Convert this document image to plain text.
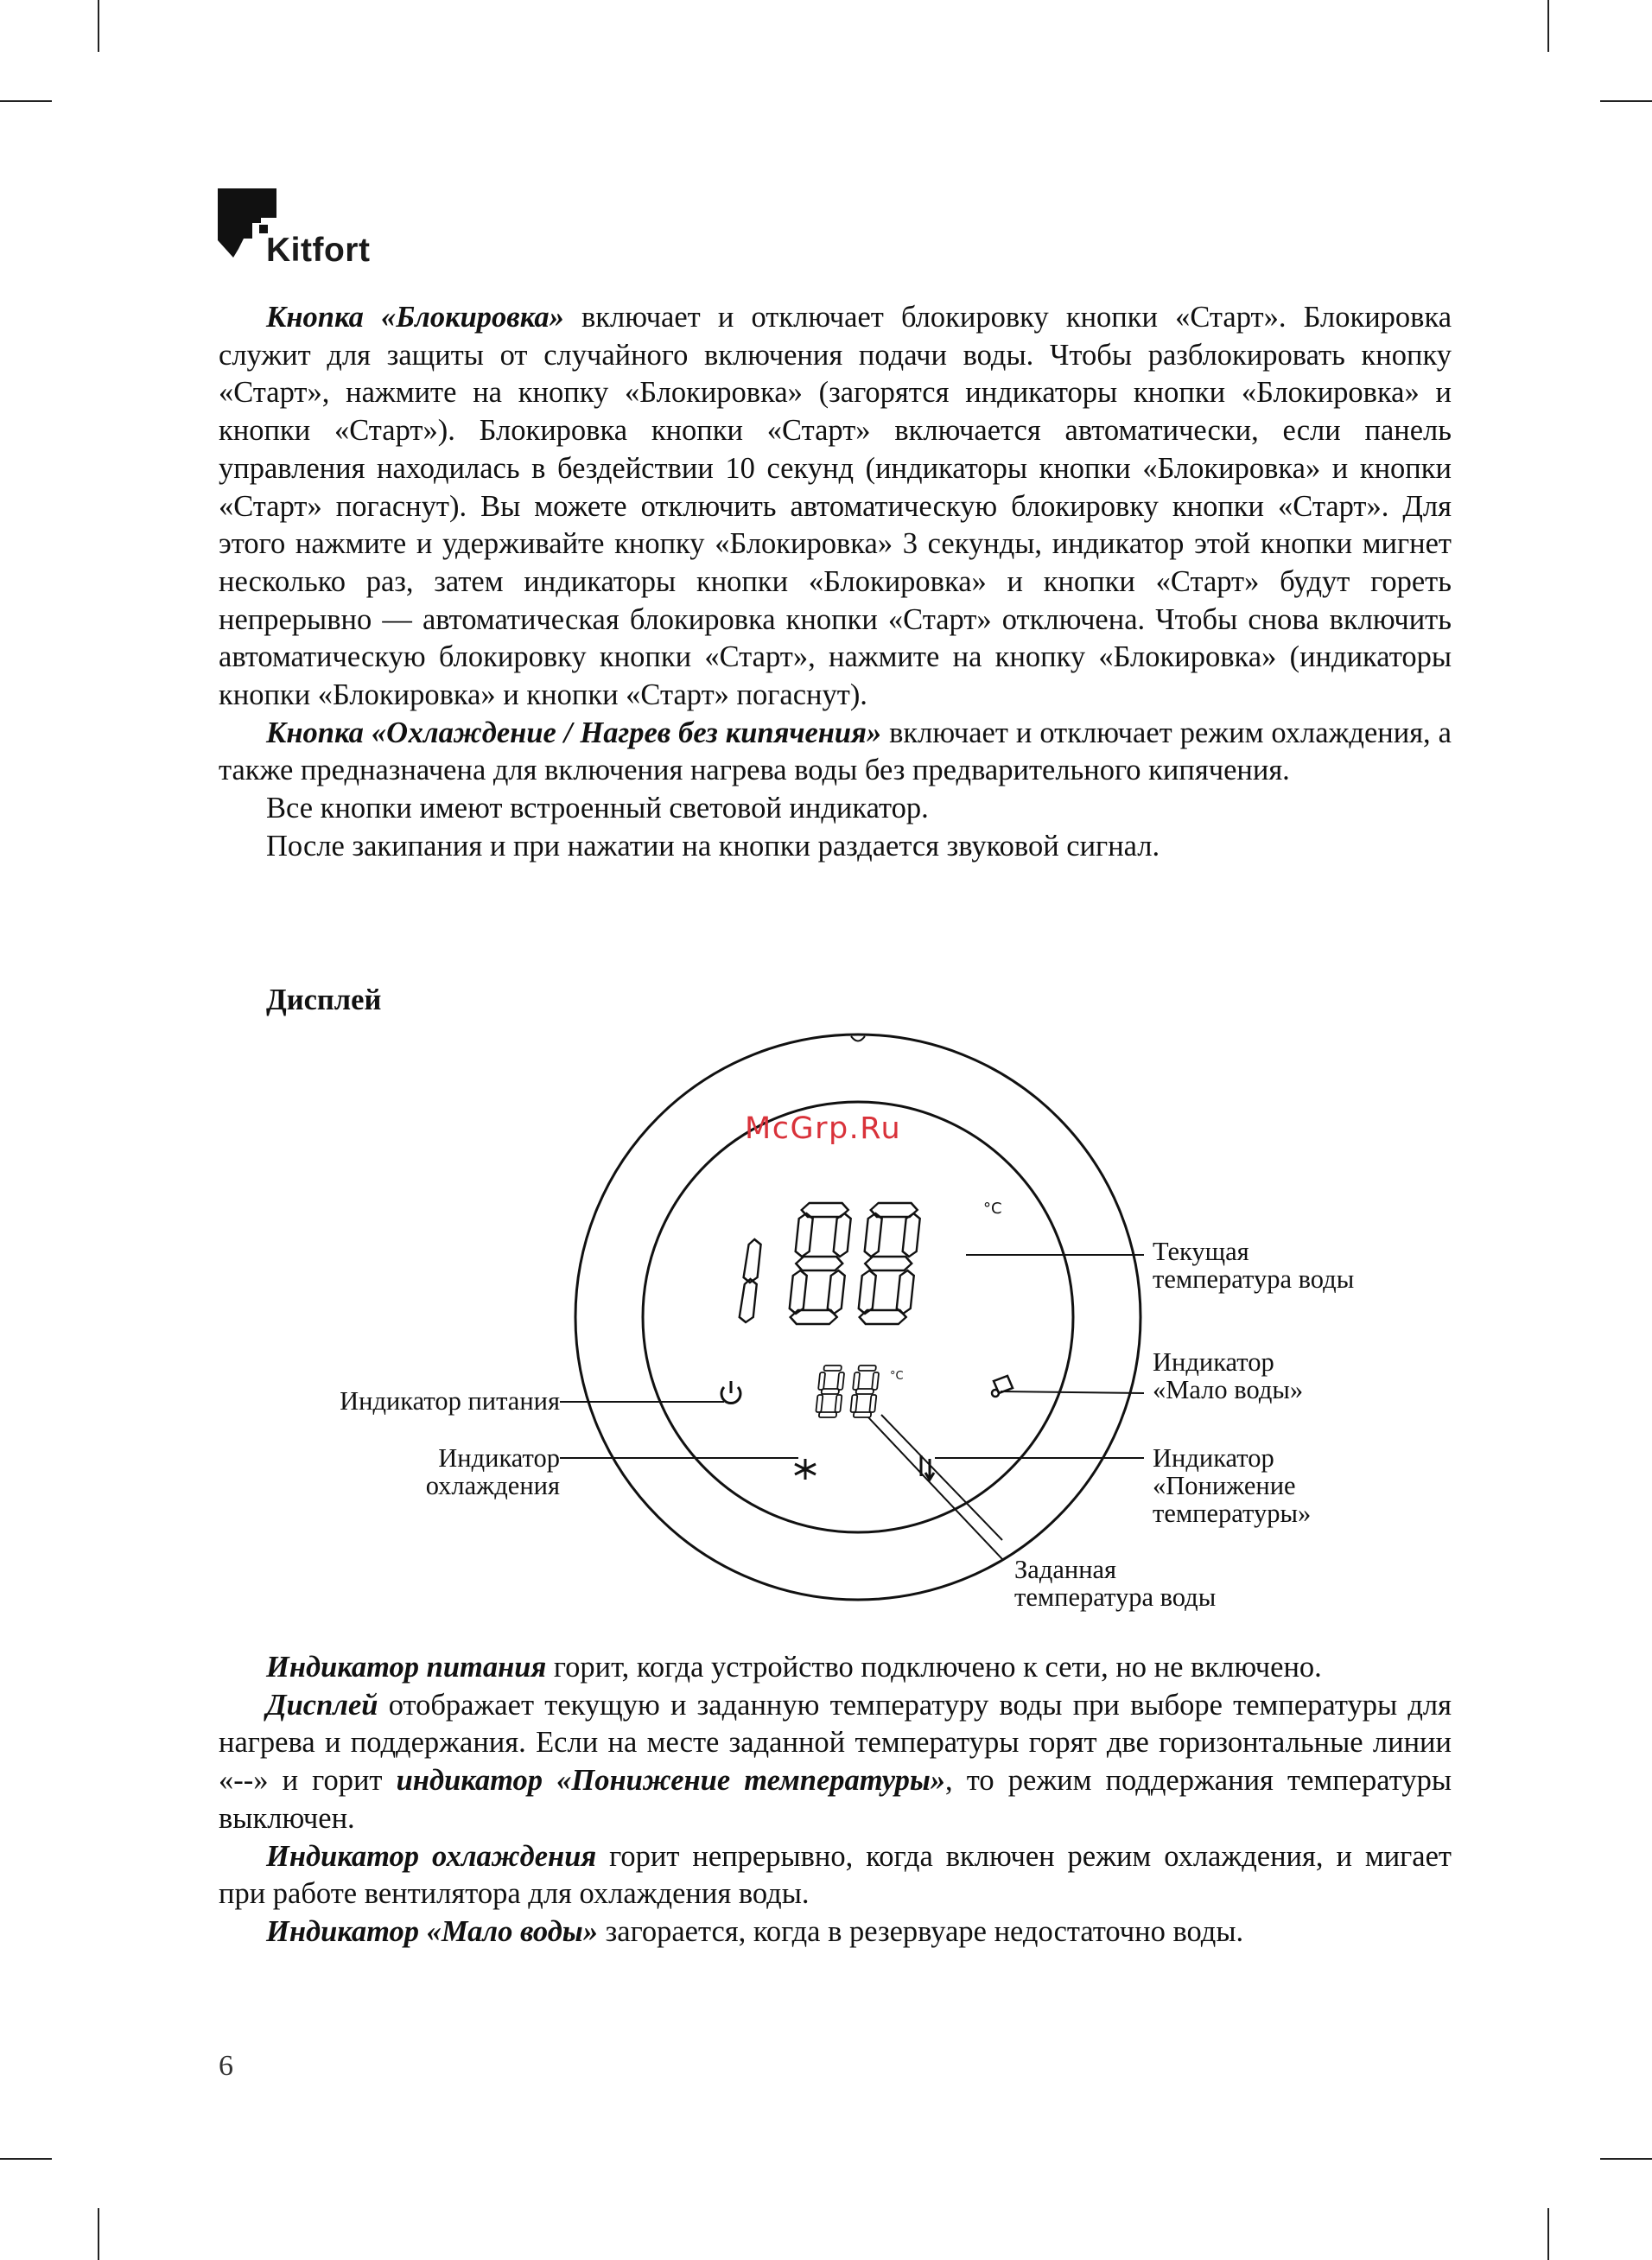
Kitfort

Кнопка «Блокировка» включает и отключает блокировку кнопки «Старт». Блокировка служит для защиты от случайного включения подачи воды. Чтобы разблокировать кнопку «Старт», нажмите на кнопку «Блокировка» (загорятся индикаторы кнопки «Блокировка» и кнопки «Старт»). Блокировка кнопки «Старт» включается автоматически, если панель управления находилась в бездействии 10 секунд (индикаторы кнопки «Блокировка» и кнопки «Старт» погаснут). Вы можете отключить автоматическую блокировку кнопки «Старт». Для этого нажмите и удерживайте кнопку «Блокировка» 3 секунды, индикатор этой кнопки мигнет несколько раз, затем индикаторы кнопки «Блокировка» и кнопки «Старт» будут гореть непрерывно — автоматическая блокировка кнопки «Старт» отключена. Чтобы снова включить автоматическую блокировку кнопки «Старт», нажмите на кнопку «Блокировка» (индикаторы кнопки «Блокировка» и кнопки «Старт» погаснут).

Кнопка «Охлаждение / Нагрев без кипячения» включает и отключает режим охлаждения, а также предназначена для включения нагрева воды без предварительного кипячения.

Все кнопки имеют встроенный световой индикатор.

После закипания и при нажатии на кнопки раздается звуковой сигнал.

Дисплей
°C
°C
McGrp.Ru
Текущая
температура воды
Индикатор
«Мало воды»
Индикатор питания
Индикатор
охлаждения
Индикатор
«Понижение
температуры»
Заданная
температура воды

Индикатор питания горит, когда устройство подключено к сети, но не включено.

Дисплей отображает текущую и заданную температуру воды при выборе температуры для нагрева и поддержания. Если на месте заданной температуры горят две горизонтальные линии «--» и горит индикатор «Понижение температуры», то режим поддержания температуры выключен.

Индикатор охлаждения горит непрерывно, когда включен режим охлаждения, и мигает при работе вентилятора для охлаждения воды.

Индикатор «Мало воды» загорается, когда в резервуаре недостаточно воды.

6
